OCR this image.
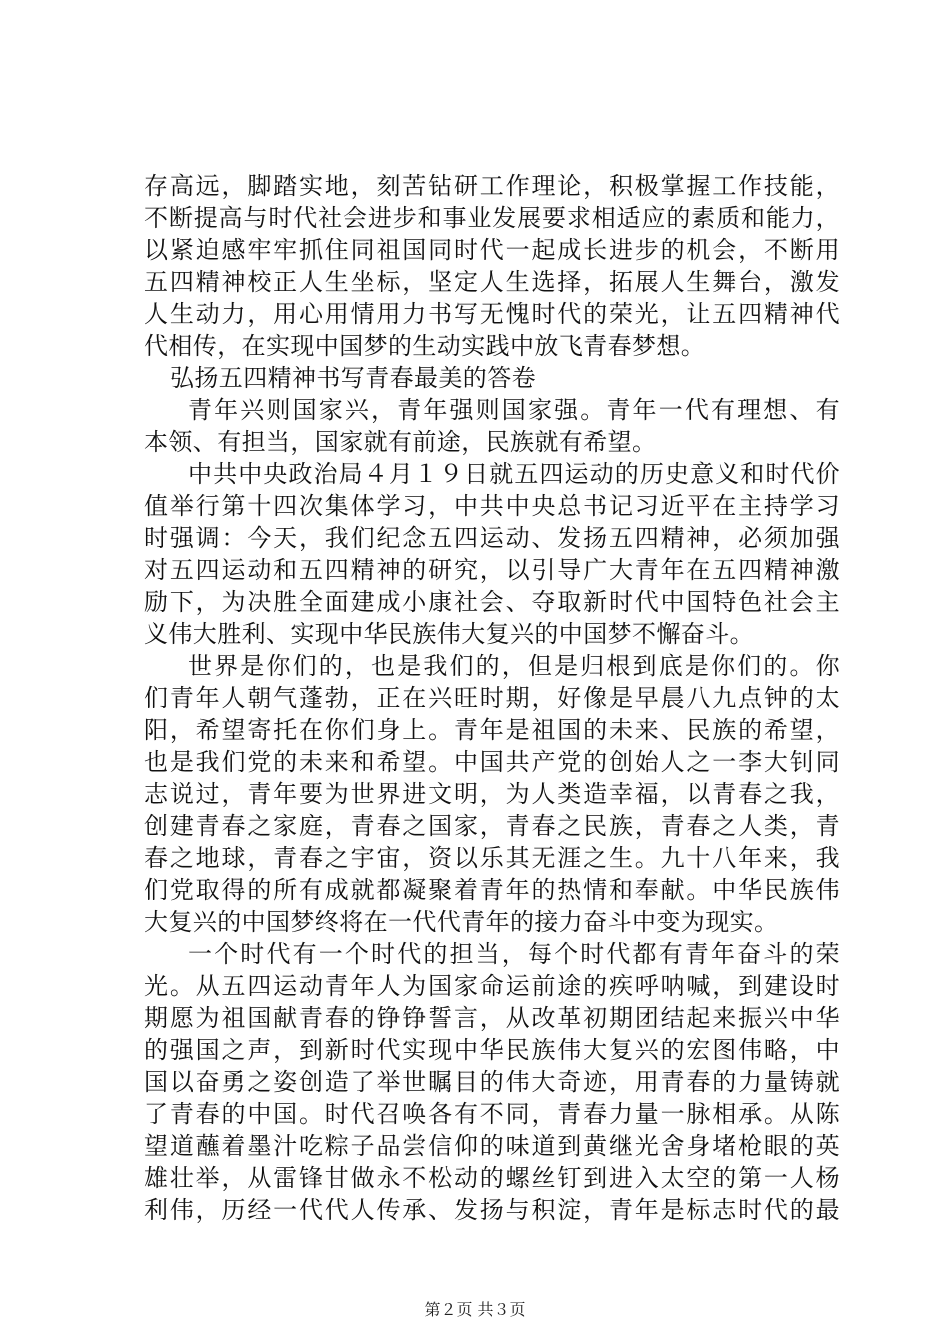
存高远，脚踏实地，刻苦钻研工作理论，积极掌握工作技能，
不断提高与时代社会进步和事业发展要求相适应的素质和能力，
以紧迫感牢牢抓住同祖国同时代一起成长进步的机会，不断用
五四精神校正人生坐标，坚定人生选择，拓展人生舞台，激发
人生动力，用心用情用力书写无愧时代的荣光，让五四精神代
代相传，在实现中国梦的生动实践中放飞青春梦想。
弘扬五四精神书写青春最美的答卷
青年兴则国家兴，青年强则国家强。青年一代有理想、有
本领、有担当，国家就有前途，民族就有希望。
中共中央政治局４月１９日就五四运动的历史意义和时代价
值举行第十四次集体学习，中共中央总书记习近平在主持学习
时强调：今天，我们纪念五四运动、发扬五四精神，必须加强
对五四运动和五四精神的研究，以引导广大青年在五四精神激
励下，为决胜全面建成小康社会、夺取新时代中国特色社会主
义伟大胜利、实现中华民族伟大复兴的中国梦不懈奋斗。
世界是你们的，也是我们的，但是归根到底是你们的。你
们青年人朝气蓬勃，正在兴旺时期，好像是早晨八九点钟的太
阳，希望寄托在你们身上。青年是祖国的未来、民族的希望，
也是我们党的未来和希望。中国共产党的创始人之一李大钊同
志说过，青年要为世界进文明，为人类造幸福，以青春之我，
创建青春之家庭，青春之国家，青春之民族，青春之人类，青
春之地球，青春之宇宙，资以乐其无涯之生。九十八年来，我
们党取得的所有成就都凝聚着青年的热情和奉献。中华民族伟
大复兴的中国梦终将在一代代青年的接力奋斗中变为现实。
一个时代有一个时代的担当，每个时代都有青年奋斗的荣
光。从五四运动青年人为国家命运前途的疾呼呐喊，到建设时
期愿为祖国献青春的铮铮誓言，从改革初期团结起来振兴中华
的强国之声，到新时代实现中华民族伟大复兴的宏图伟略，中
国以奋勇之姿创造了举世瞩目的伟大奇迹，用青春的力量铸就
了青春的中国。时代召唤各有不同，青春力量一脉相承。从陈
望道蘸着墨汁吃粽子品尝信仰的味道到黄继光舍身堵枪眼的英
雄壮举，从雷锋甘做永不松动的螺丝钉到进入太空的第一人杨
利伟，历经一代代人传承、发扬与积淀，青年是标志时代的最
第２页 共３页
